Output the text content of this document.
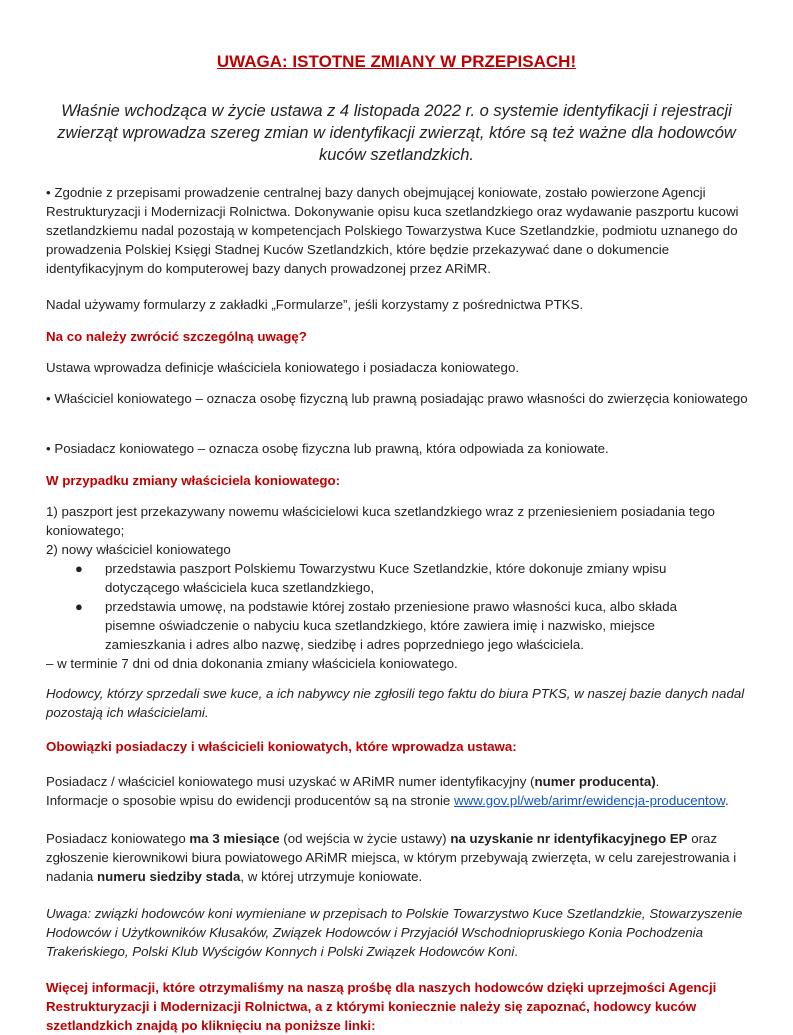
UWAGA: ISTOTNE ZMIANY W PRZEPISACH!
Właśnie wchodząca w życie ustawa z 4 listopada 2022 r. o systemie identyfikacji i rejestracji zwierząt wprowadza szereg zmian w identyfikacji zwierząt, które są też ważne dla hodowców kuców szetlandzkich.
• Zgodnie z przepisami prowadzenie centralnej bazy danych obejmującej koniowate, zostało powierzone Agencji Restrukturyzacji i Modernizacji Rolnictwa. Dokonywanie opisu kuca szetlandzkiego oraz wydawanie paszportu kucowi szetlandzkiemu nadal pozostają w kompetencjach Polskiego Towarzystwa Kuce Szetlandzkie, podmiotu uznanego do prowadzenia Polskiej Księgi Stadnej Kuców Szetlandzkich, które będzie przekazywać dane o dokumencie identyfikacyjnym do komputerowej bazy danych prowadzonej przez ARiMR.
Nadal używamy formularzy z zakładki „Formularze”, jeśli korzystamy z pośrednictwa PTKS.
Na co należy zwrócić szczególną uwagę?
Ustawa wprowadza definicje właściciela koniowatego i posiadacza koniowatego.
• Właściciel koniowatego – oznacza osobę fizyczną lub prawną posiadając prawo własności do zwierzęcia koniowatego
• Posiadacz koniowatego – oznacza osobę fizyczna lub prawną, która odpowiada za koniowate.
W przypadku zmiany właściciela koniowatego:
1) paszport jest przekazywany nowemu właścicielowi kuca szetlandzkiego wraz z przeniesieniem posiadania tego koniowatego;
2) nowy właściciel koniowatego
● przedstawia paszport Polskiemu Towarzystwu Kuce Szetlandzkie, które dokonuje zmiany wpisu dotyczącego właściciela kuca szetlandzkiego,
● przedstawia umowę, na podstawie której zostało przeniesione prawo własności kuca, albo składa pisemne oświadczenie o nabyciu kuca szetlandzkiego, które zawiera imię i nazwisko, miejsce zamieszkania i adres albo nazwę, siedzibę i adres poprzedniego jego właściciela.
– w terminie 7 dni od dnia dokonania zmiany właściciela koniowatego.
Hodowcy, którzy sprzedali swe kuce, a ich nabywcy nie zgłosili tego faktu do biura PTKS, w naszej bazie danych nadal pozostają ich właścicielami.
Obowiązki posiadaczy i właścicieli koniowatych, które wprowadza ustawa:
Posiadacz / właściciel koniowatego musi uzyskać w ARiMR numer identyfikacyjny (numer producenta).
Informacje o sposobie wpisu do ewidencji producentów są na stronie www.gov.pl/web/arimr/ewidencja-producentow.
Posiadacz koniowatego ma 3 miesiące (od wejścia w życie ustawy) na uzyskanie nr identyfikacyjnego EP oraz zgłoszenie kierownikowi biura powiatowego ARiMR miejsca, w którym przebywają zwierzęta, w celu zarejestrowania i nadania numeru siedziby stada, w której utrzymuje koniowate.
Uwaga: związki hodowców koni wymieniane w przepisach to Polskie Towarzystwo Kuce Szetlandzkie, Stowarzyszenie Hodowców i Użytkowników Kłusaków, Związek Hodowców i Przyjaciół Wschodniopruskiego Konia Pochodzenia Trakeńskiego, Polski Klub Wyścigów Konnych i Polski Związek Hodowców Koni.
Więcej informacji, które otrzymaliśmy na naszą prośbę dla naszych hodowców dzięki uprzejmości Agencji Restrukturyzacji i Modernizacji Rolnictwa, a z którymi koniecznie należy się zapoznać, hodowcy kuców szetlandzkich znajdą po kliknięciu na poniższe linki:
